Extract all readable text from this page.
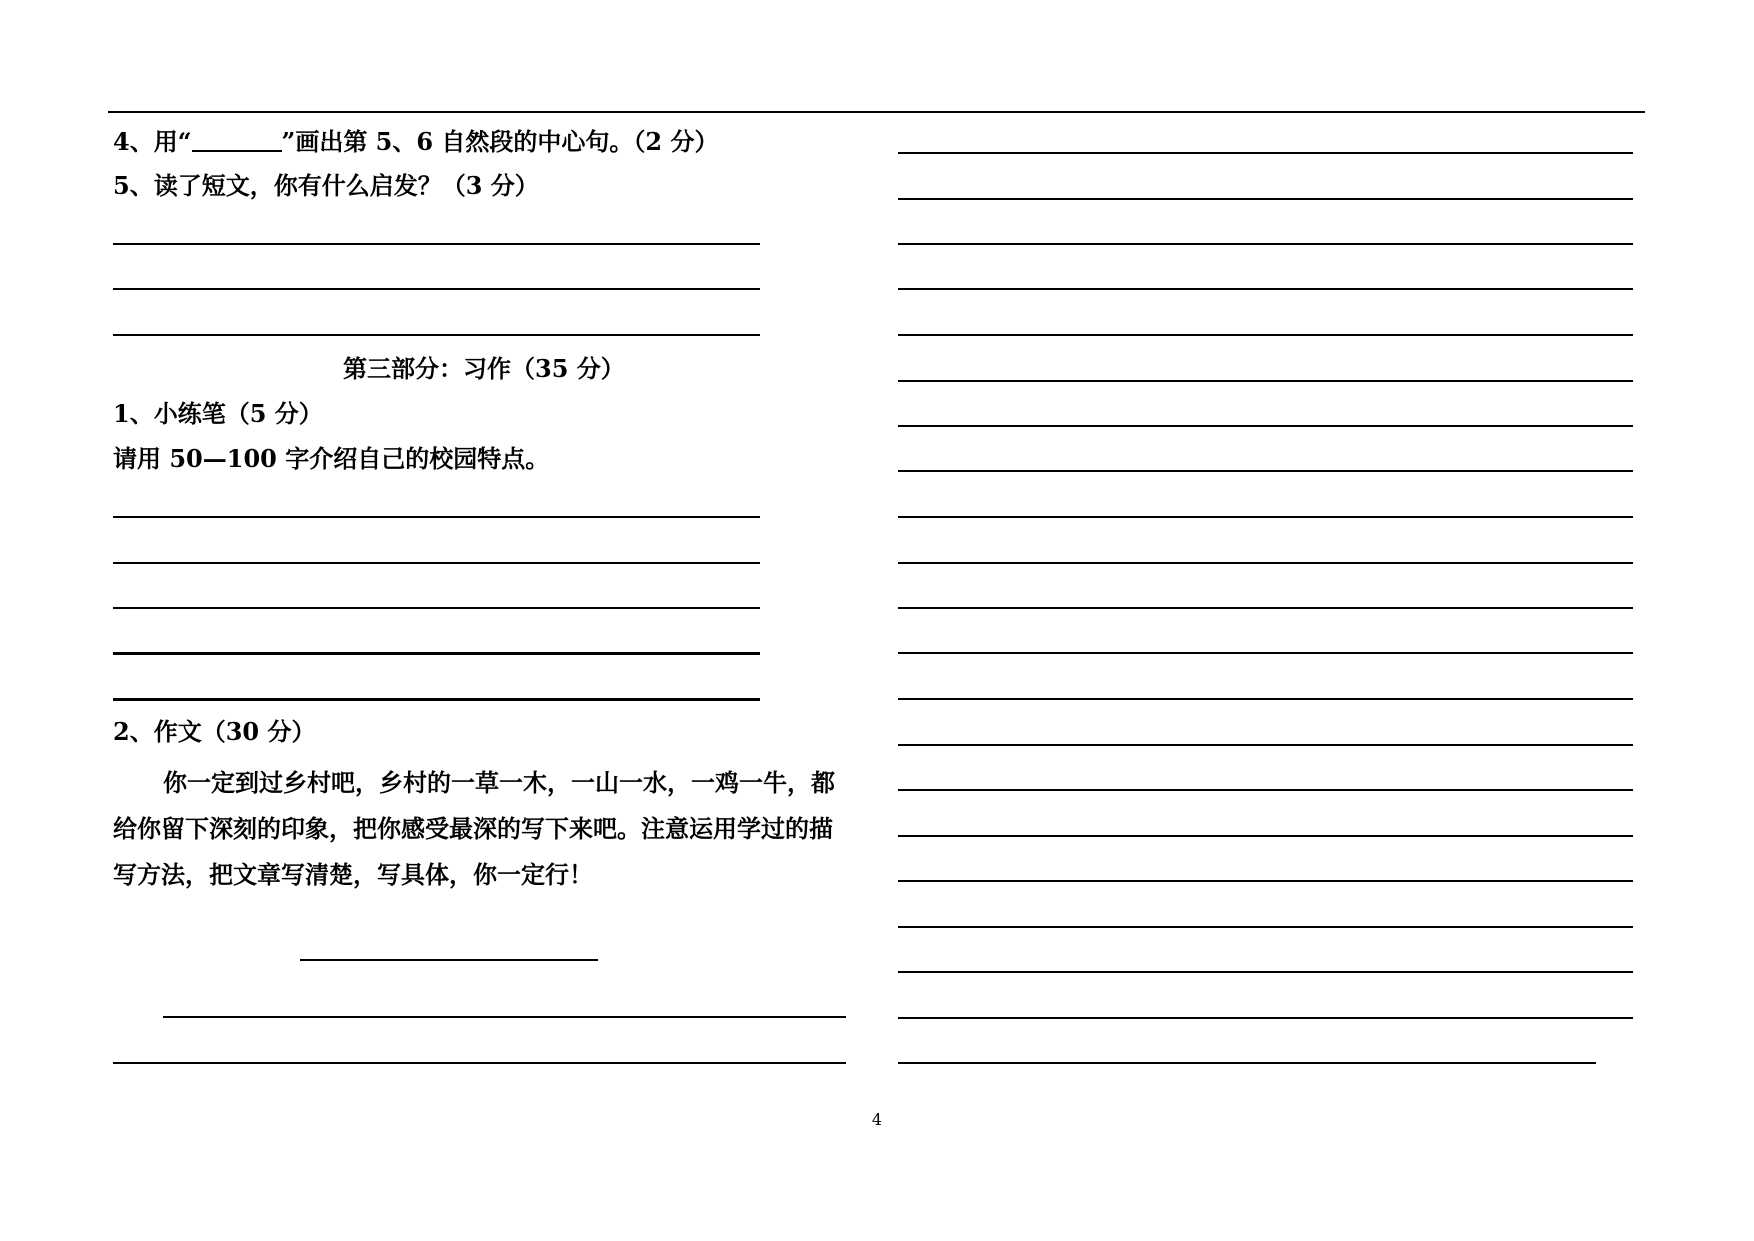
4、用“	”画出第 5、6 自然段的中心句。（2 分）
5、读了短文，你有什么启发？（3 分）
第三部分：习作（35 分）
1、小练笔（5 分）
请用 50—100 字介绍自己的校园特点。
2、作文（30 分）
你一定到过乡村吧，乡村的一草一木，一山一水，一鸡一牛，都
给你留下深刻的印象，把你感受最深的写下来吧。注意运用学过的描
写方法，把文章写清楚，写具体，你一定行！
4
